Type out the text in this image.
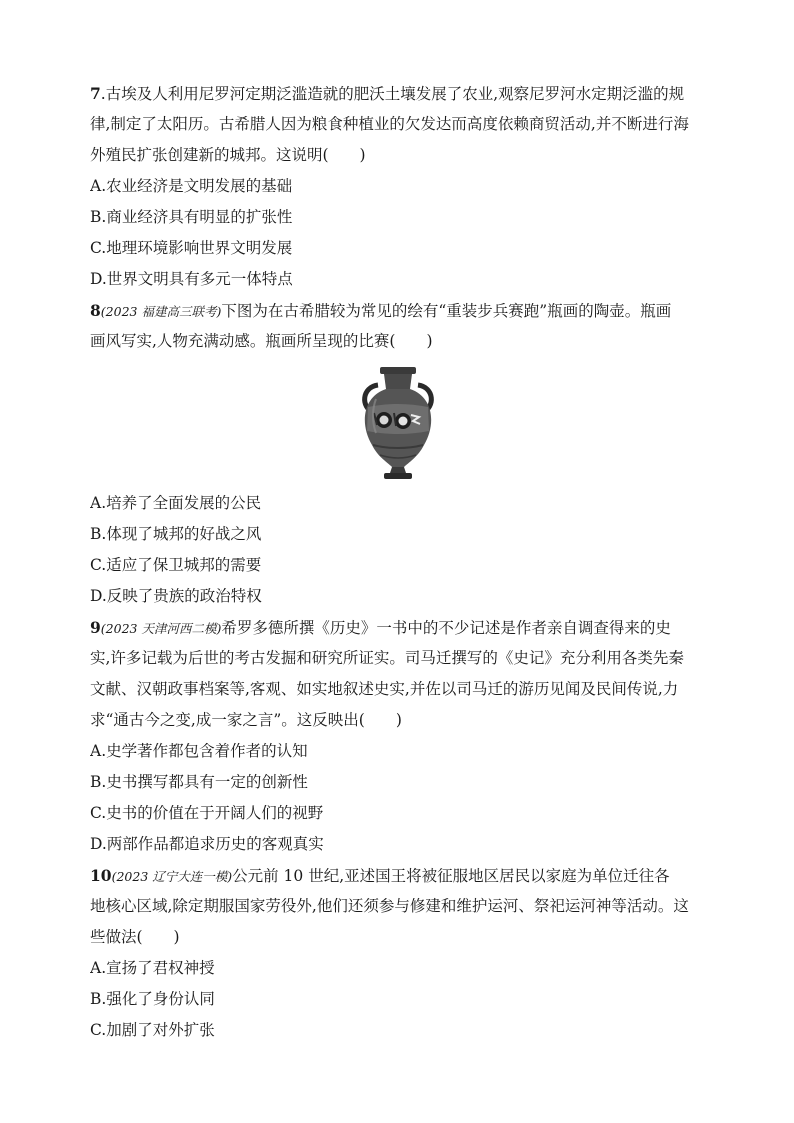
7.古埃及人利用尼罗河定期泛滥造就的肥沃土壤发展了农业,观察尼罗河水定期泛滥的规
律,制定了太阳历。古希腊人因为粮食种植业的欠发达而高度依赖商贸活动,并不断进行海
外殖民扩张创建新的城邦。这说明(　　)
A.农业经济是文明发展的基础
B.商业经济具有明显的扩张性
C.地理环境影响世界文明发展
D.世界文明具有多元一体特点
8(2023 福建高三联考)下图为在古希腊较为常见的绘有“重装步兵赛跑”瓶画的陶壶。瓶画
画风写实,人物充满动感。瓶画所呈现的比赛(　　)
A.培养了全面发展的公民
B.体现了城邦的好战之风
C.适应了保卫城邦的需要
D.反映了贵族的政治特权
9(2023 天津河西二模)希罗多德所撰《历史》一书中的不少记述是作者亲自调查得来的史
实,许多记载为后世的考古发掘和研究所证实。司马迁撰写的《史记》充分利用各类先秦
文献、汉朝政事档案等,客观、如实地叙述史实,并佐以司马迁的游历见闻及民间传说,力
求“通古今之变,成一家之言”。这反映出(　　)
A.史学著作都包含着作者的认知
B.史书撰写都具有一定的创新性
C.史书的价值在于开阔人们的视野
D.两部作品都追求历史的客观真实
10(2023 辽宁大连一模)公元前 10 世纪,亚述国王将被征服地区居民以家庭为单位迁往各
地核心区域,除定期服国家劳役外,他们还须参与修建和维护运河、祭祀运河神等活动。这
些做法(　　)
A.宣扬了君权神授
B.强化了身份认同
C.加剧了对外扩张
